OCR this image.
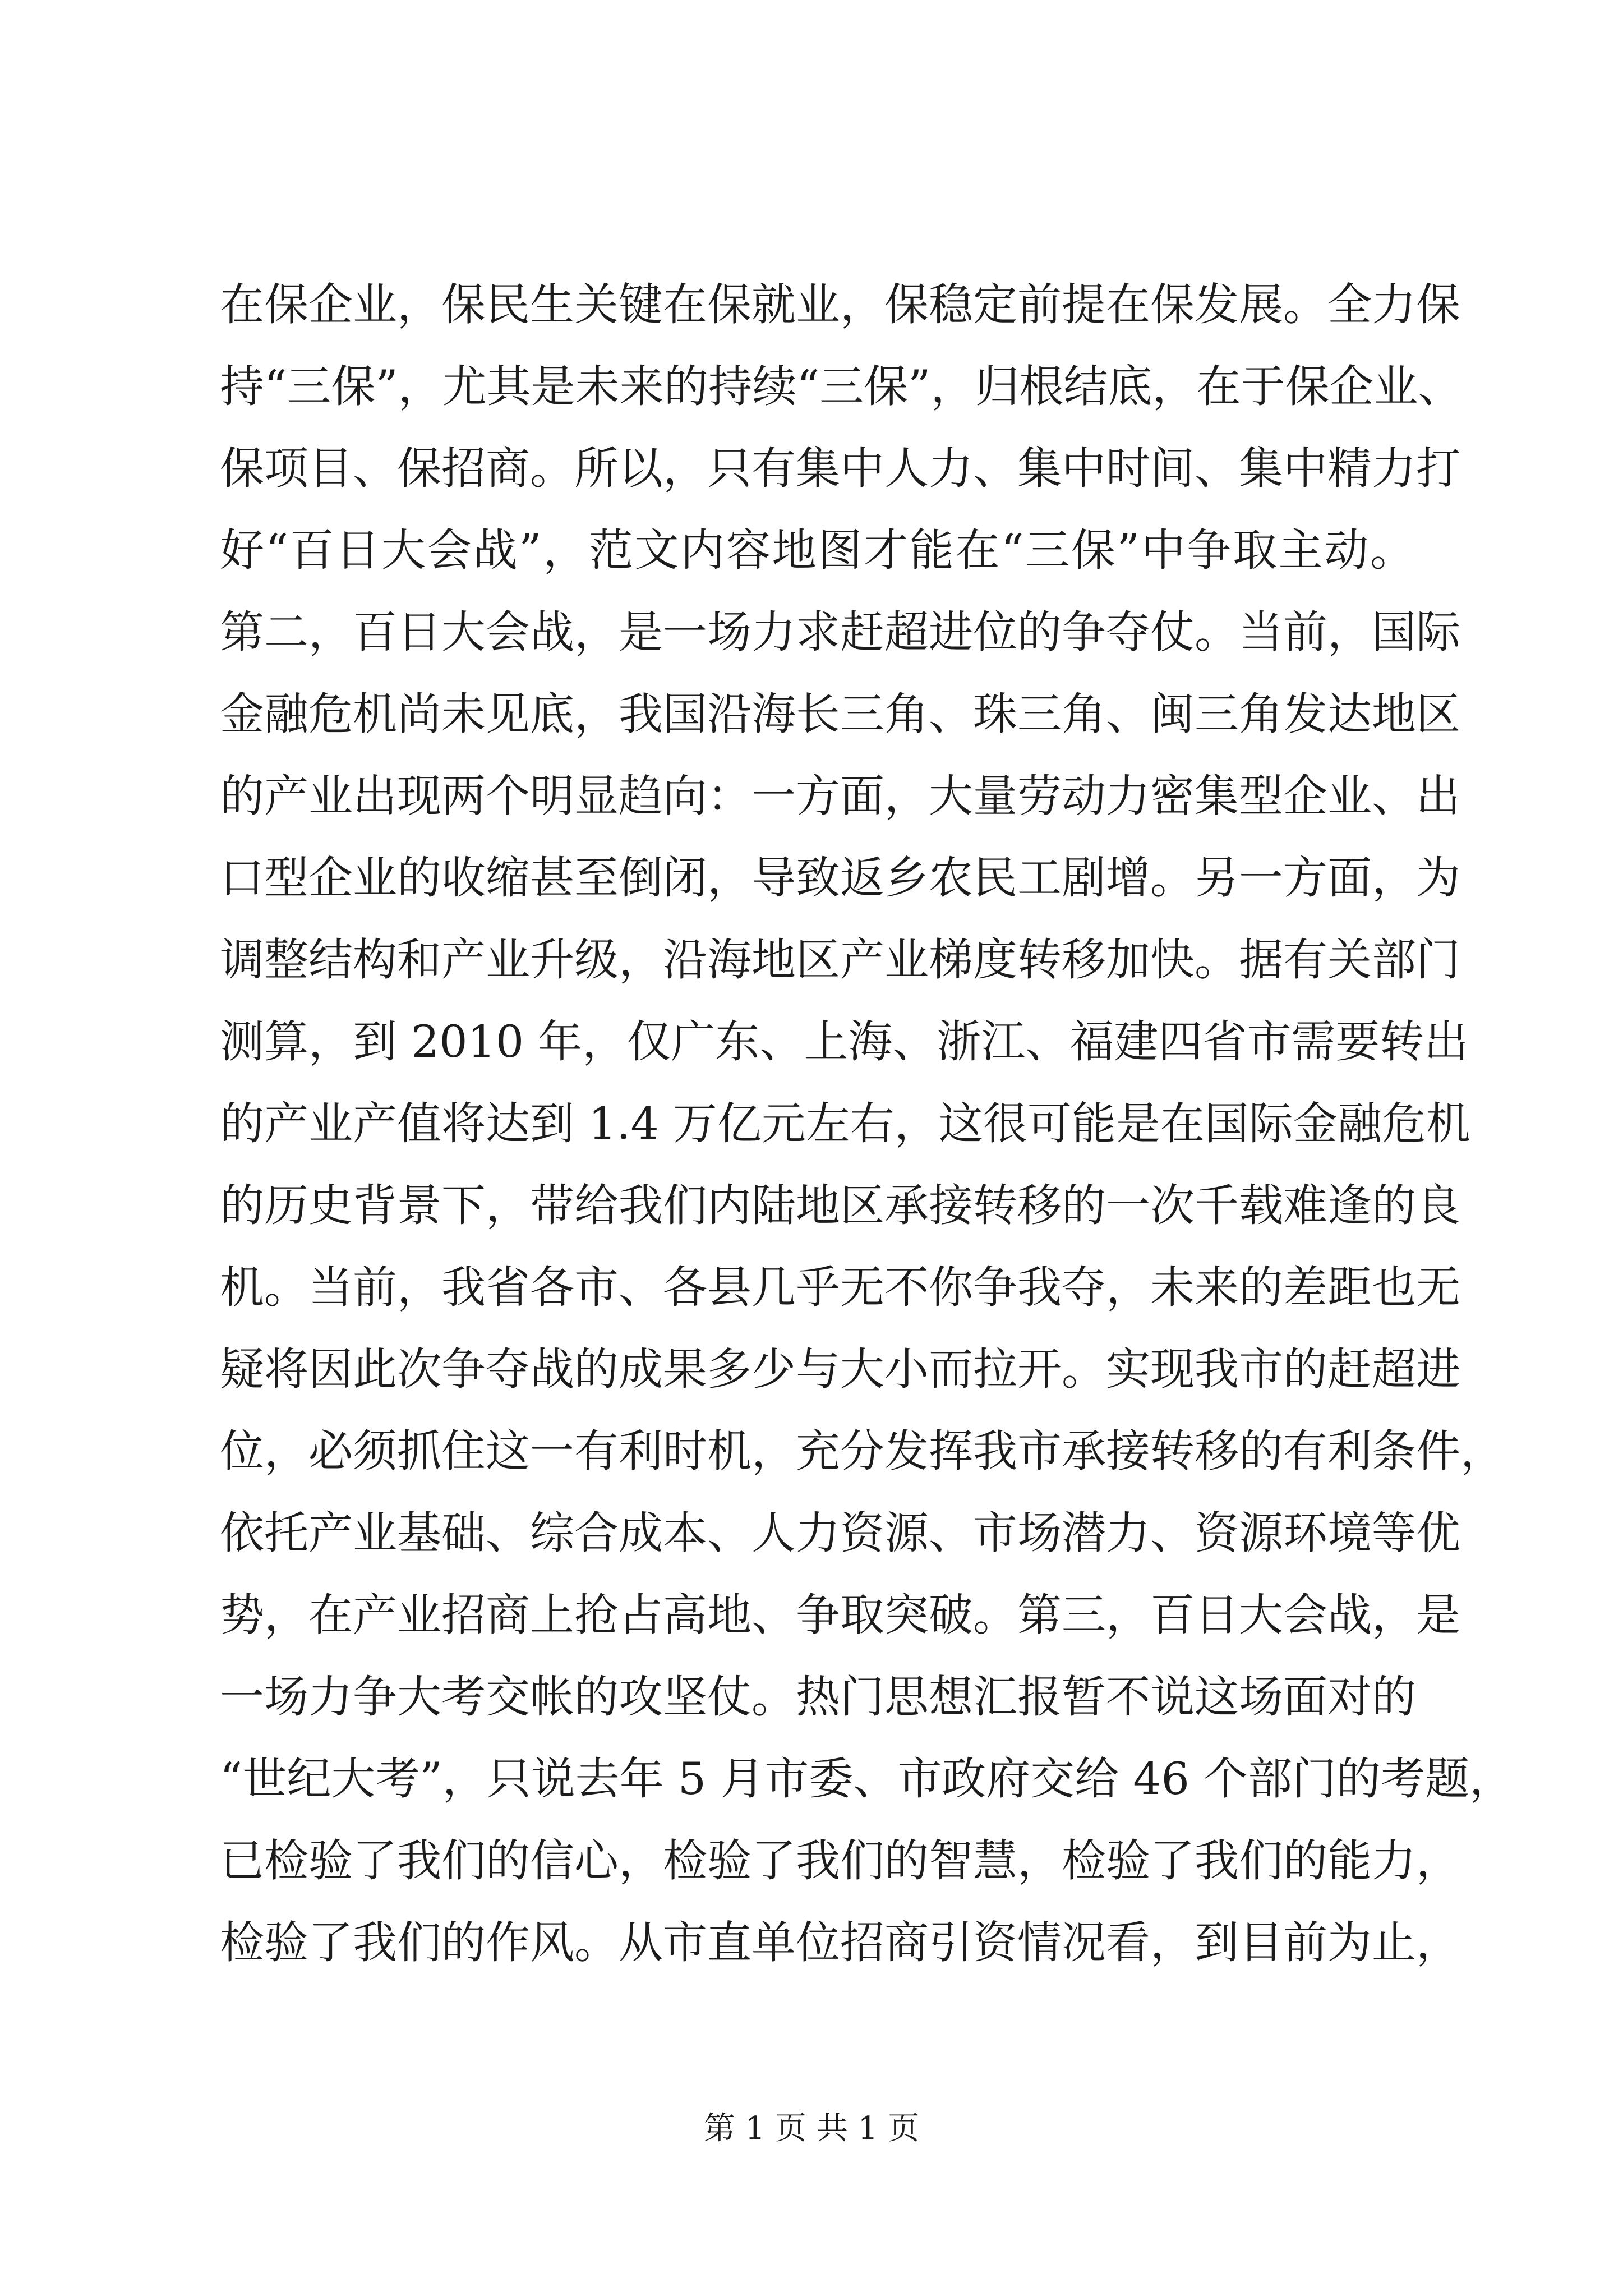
在保企业，保民生关键在保就业，保稳定前提在保发展。全力保
持“三保”，尤其是未来的持续“三保”，归根结底，在于保企业、
保项目、保招商。所以，只有集中人力、集中时间、集中精力打
好“百日大会战”，范文内容地图才能在“三保”中争取主动。
第二，百日大会战，是一场力求赶超进位的争夺仗。当前，国际
金融危机尚未见底，我国沿海长三角、珠三角、闽三角发达地区
的产业出现两个明显趋向：一方面，大量劳动力密集型企业、出
口型企业的收缩甚至倒闭，导致返乡农民工剧增。另一方面，为
调整结构和产业升级，沿海地区产业梯度转移加快。据有关部门
测算，到 2010 年，仅广东、上海、浙江、福建四省市需要转出
的产业产值将达到 1.4 万亿元左右，这很可能是在国际金融危机
的历史背景下，带给我们内陆地区承接转移的一次千载难逢的良
机。当前，我省各市、各县几乎无不你争我夺，未来的差距也无
疑将因此次争夺战的成果多少与大小而拉开。实现我市的赶超进
位，必须抓住这一有利时机，充分发挥我市承接转移的有利条件，
依托产业基础、综合成本、人力资源、市场潜力、资源环境等优
势，在产业招商上抢占高地、争取突破。第三，百日大会战，是
一场力争大考交帐的攻坚仗。热门思想汇报暂不说这场面对的
“世纪大考”，只说去年 5 月市委、市政府交给 46 个部门的考题，
已检验了我们的信心，检验了我们的智慧，检验了我们的能力，
检验了我们的作风。从市直单位招商引资情况看，到目前为止，
第 1 页 共 1 页
